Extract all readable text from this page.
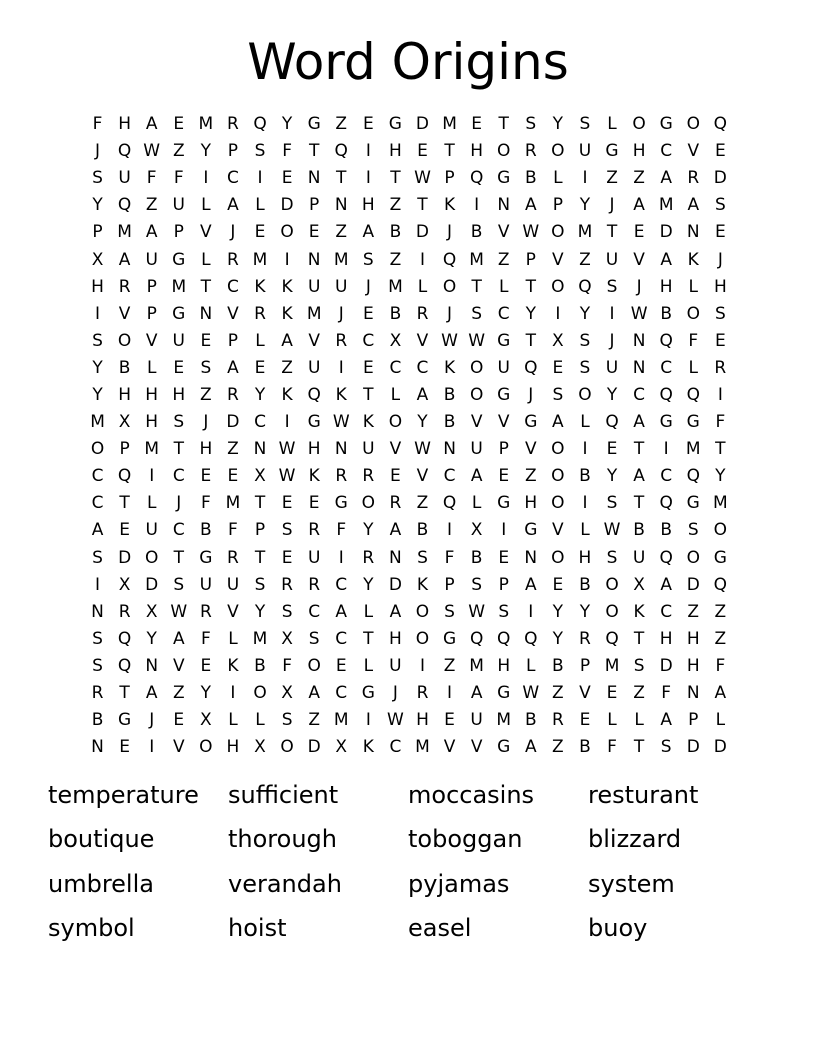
Word Origins
F H A E M R Q Y G Z E G D M E T S Y S L O G O Q
J	Q W Z Y P S F	T Q	I	H E T H O R O U G H C V E
S U F	F	I	C	I	E N T	I	T W P Q G B L	I	Z Z A R D
Y Q Z U L A L D P N H Z T K	I	N A P Y	J	A M A S
P M A P V	J	E O E Z A B D	J	B V W O M T E D N E
X A U G L R M	I	N M S Z	I	Q M Z P V Z U V A K	J
H R P M T C K K U U	J	M L O T	L	T O Q S	J	H L H
I	V P G N V R K M	J	E B R	J	S C Y	I	Y	I W B O S
S O V U E P	L A V R C X V W W G T X S	J	N Q F E
Y B L E S A E Z U	I	E C C K O U Q E S U N C L R
Y H H H Z R Y K Q K T	L A B O G	J	S O Y C Q Q	I
M X H S	J	D C	I	G W K O Y B V V G A L Q A G G F
O P M T H Z N W H N U V W N U P V O	I	E T	I	M T
C Q	I	C E E X W K R R E V C A E Z O B Y A C Q Y
C T	L	J	F M T E E G O R Z Q L G H O	I	S T Q G M
A E U C B F	P S R F	Y A B	I	X	I	G V L W B B S O
S D O T G R T E U	I	R N S F B E N O H S U Q O G
I	X D S U U S R R C Y D K P S P A E B O X A D Q
N R X W R V Y S C A L A O S W S	I	Y Y O K C Z Z
S Q Y A F	L M X S C T H O G Q Q Q Y R Q T H H Z
S Q N V E K B F O E L U	I	Z M H L B P M S D H F
R T A Z Y	I	O X A C G	J	R	I	A G W Z V E Z F N A
B G	J	E X L	L S Z M	I W H E U M B R E L	L A P	L
N E	I	V O H X O D X K C M V V G A Z B F	T S D D
temperature sufficient	moccasins resturant
boutique	thorough	toboggan	blizzard
umbrella	verandah	pyjamas	system
symbol	hoist	easel	buoy
